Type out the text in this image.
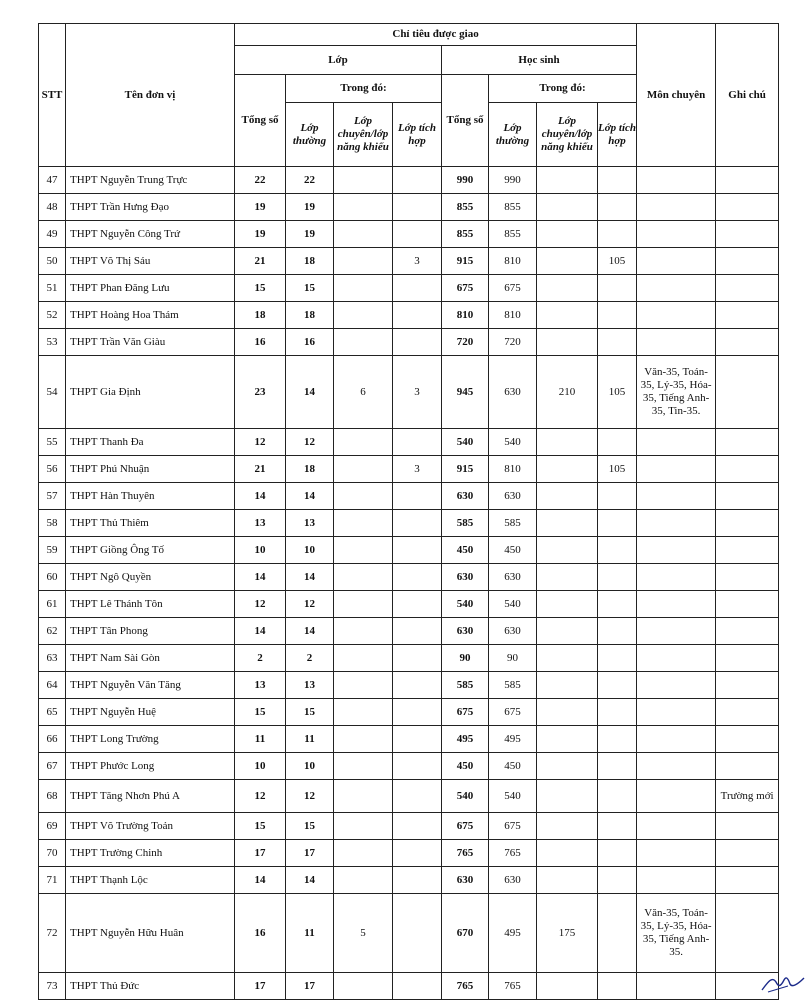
STT	Tên đơn vị	Chỉ tiêu được giao								Môn chuyên	Ghi chú
		Lớp				Học sinh					
		Tổng số	Trong đó:			Tổng số	Trong đó:				
			Lớp thường	Lớp chuyên/lớp năng khiếu	Lớp tích hợp		Lớp thường	Lớp chuyên/lớp năng khiếu	Lớp tích hợp		
47	THPT Nguyễn Trung Trực	22	22			990	990				
48	THPT Trần Hưng Đạo	19	19			855	855				
49	THPT Nguyễn Công Trứ	19	19			855	855				
50	THPT Võ Thị Sáu	21	18		3	915	810		105		
51	THPT Phan Đăng Lưu	15	15			675	675				
52	THPT Hoàng Hoa Thám	18	18			810	810				
53	THPT Trần Văn Giàu	16	16			720	720				
54	THPT Gia Định	23	14	6	3	945	630	210	105	Văn-35, Toán-35, Lý-35, Hóa-35, Tiếng Anh-35, Tin-35.	
55	THPT Thanh Đa	12	12			540	540				
56	THPT Phú Nhuận	21	18		3	915	810		105		
57	THPT Hàn Thuyên	14	14			630	630				
58	THPT Thủ Thiêm	13	13			585	585				
59	THPT Giồng Ông Tố	10	10			450	450				
60	THPT Ngô Quyền	14	14			630	630				
61	THPT Lê Thánh Tôn	12	12			540	540				
62	THPT Tân Phong	14	14			630	630				
63	THPT Nam Sài Gòn	2	2			90	90				
64	THPT Nguyễn Văn Tăng	13	13			585	585				
65	THPT Nguyễn Huệ	15	15			675	675				
66	THPT Long Trường	11	11			495	495				
67	THPT Phước Long	10	10			450	450				
68	THPT Tăng Nhơn Phú A	12	12			540	540				Trường mới
69	THPT Võ Trường Toản	15	15			675	675				
70	THPT Trường Chinh	17	17			765	765				
71	THPT Thạnh Lộc	14	14			630	630				
72	THPT Nguyễn Hữu Huân	16	11	5		670	495	175		Văn-35, Toán-35, Lý-35, Hóa-35, Tiếng Anh-35.	
73	THPT Thủ Đức	17	17			765	765				
